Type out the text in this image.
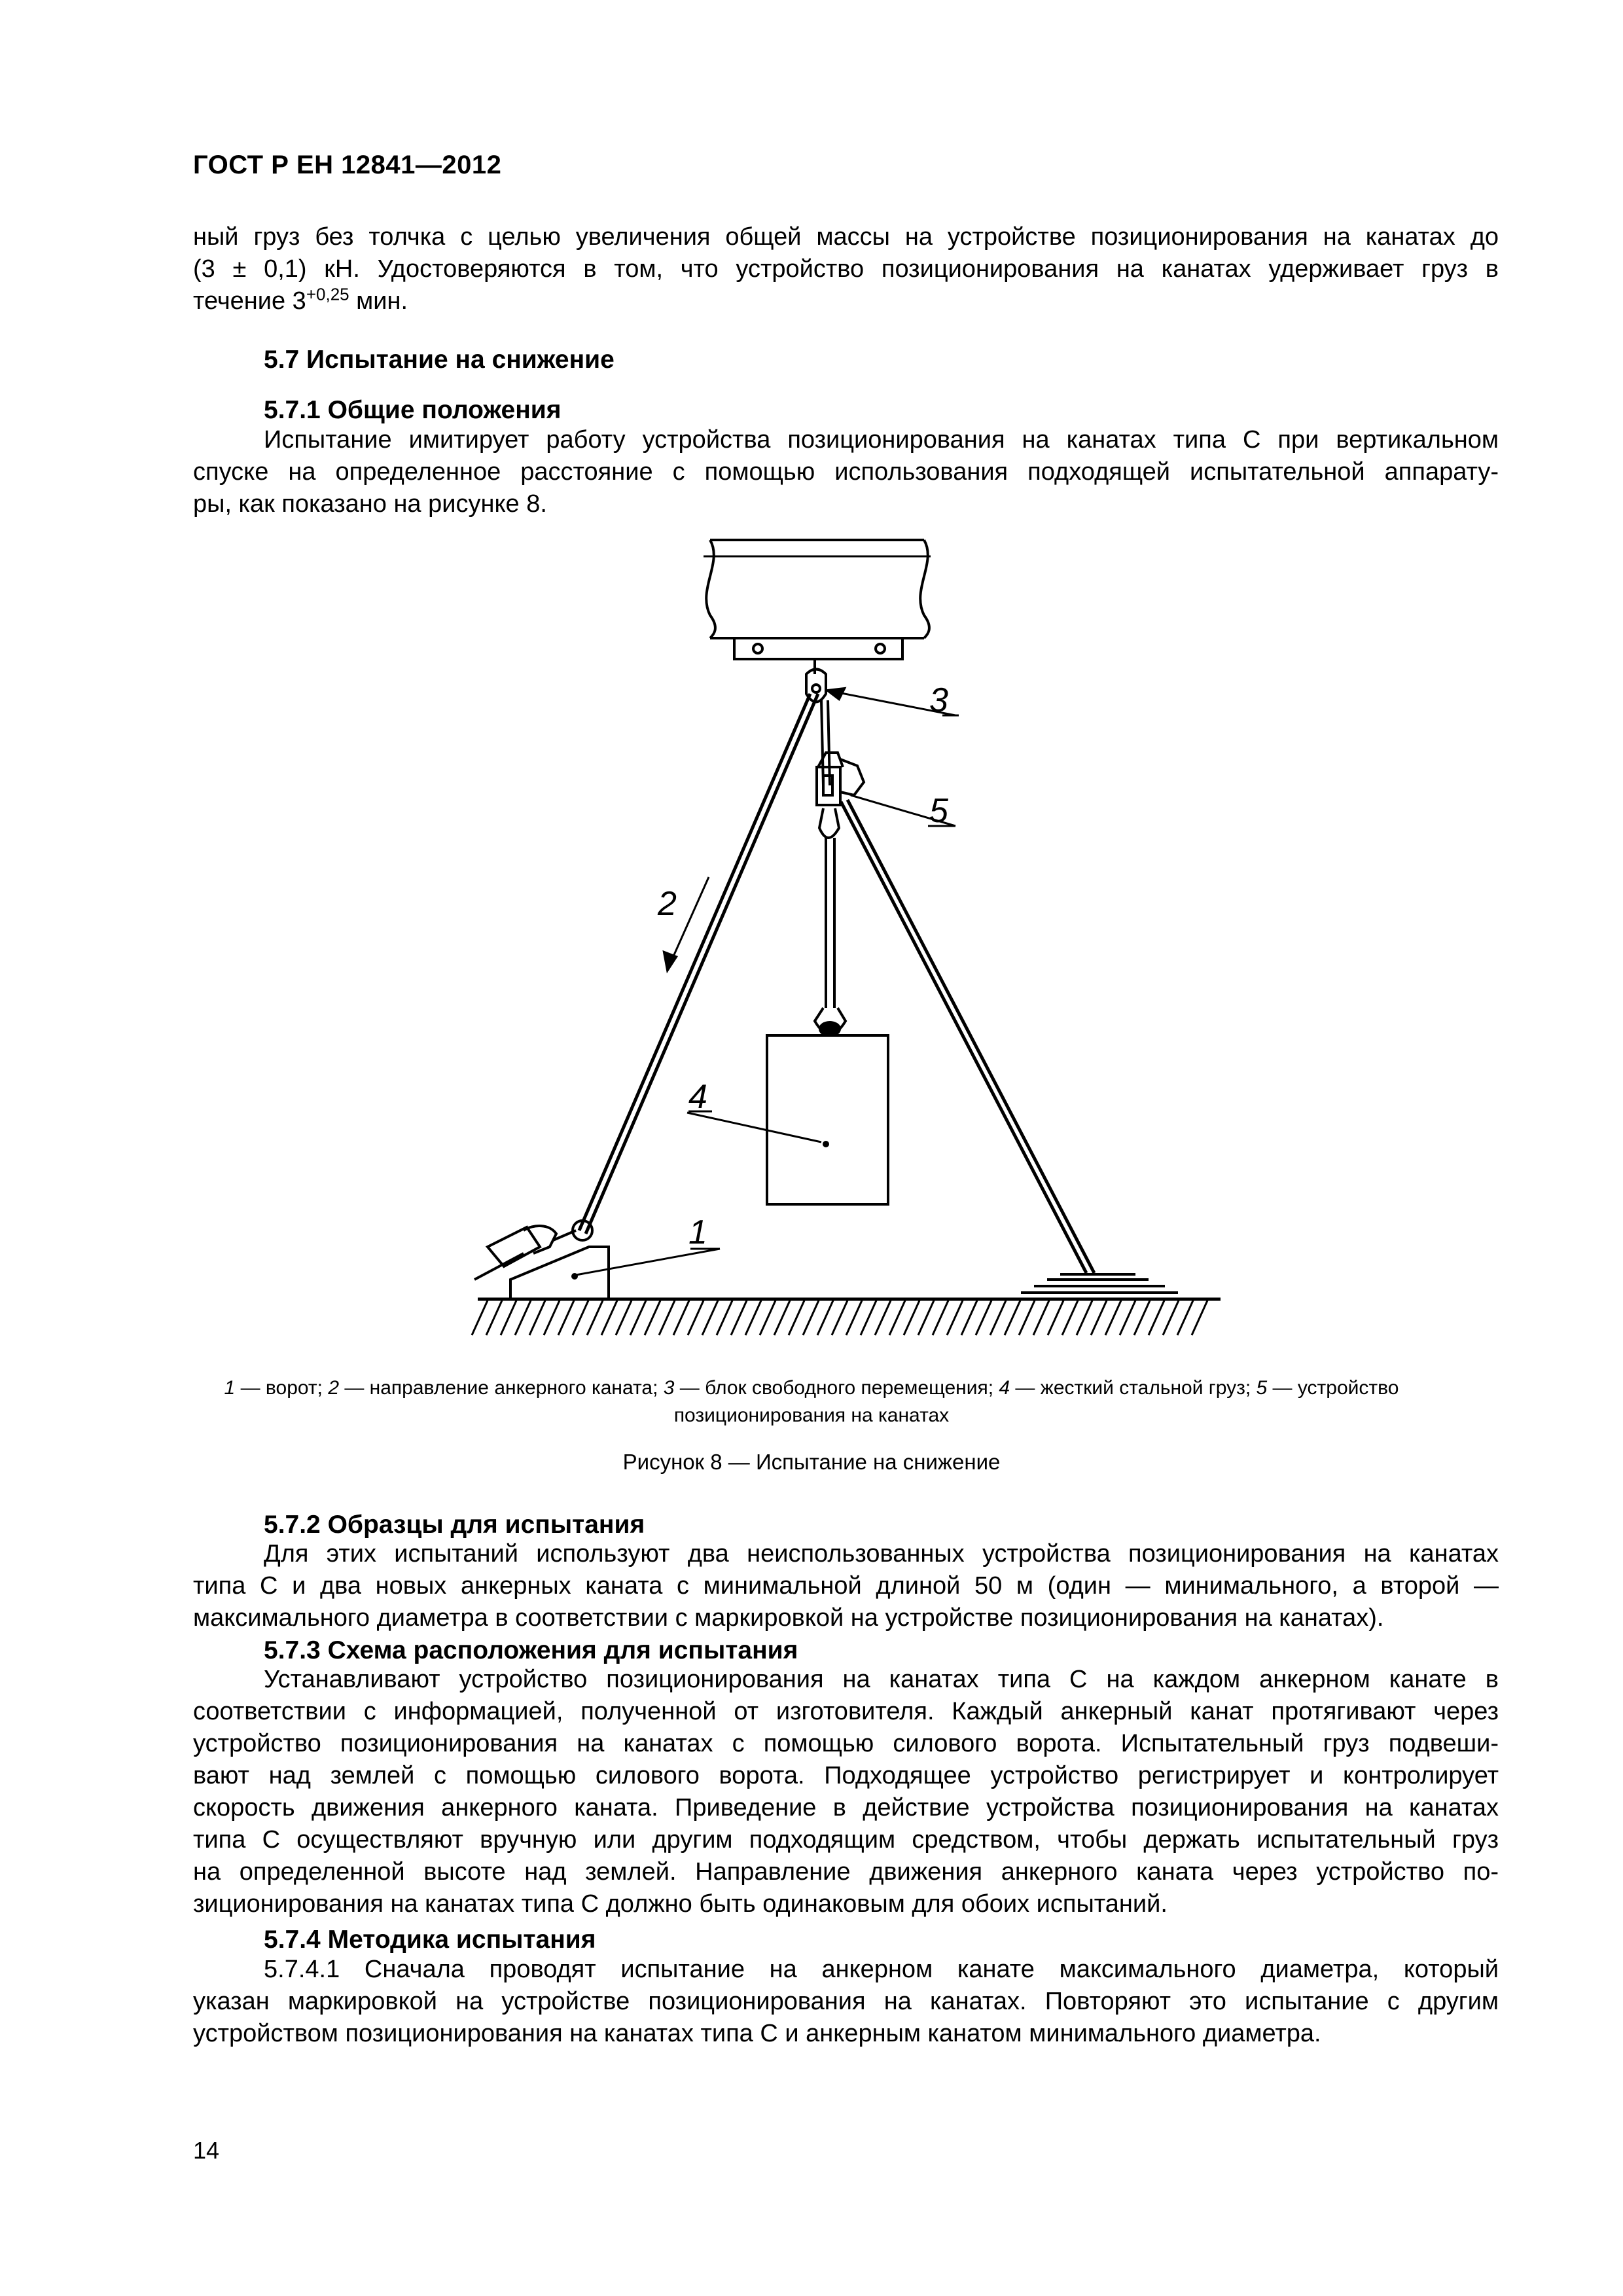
ГОСТ Р ЕН 12841—2012
ный груз без толчка с целью увеличения общей массы на устройстве позиционирования на канатах до
(3 ± 0,1) кН. Удостоверяются в том, что устройство позиционирования на канатах удерживает груз в
течение $3^{+0,25}$ мин.
5.7 Испытание на снижение
5.7.1 Общие положения
Испытание имитирует работу устройства позиционирования на канатах типа С при вертикальном
спуске на определенное расстояние с помощью использования подходящей испытательной аппарату-
ры, как показано на рисунке 8.
3
5
2
4
1
1 — ворот; 2 — направление анкерного каната; 3 — блок свободного перемещения; 4 — жесткий стальной груз; 5 — устройство
позиционирования на канатах
Рисунок 8 — Испытание на снижение
5.7.2 Образцы для испытания
Для этих испытаний используют два неиспользованных устройства позиционирования на канатах
типа С и два новых анкерных каната с минимальной длиной 50 м (один — минимального, а второй —
максимального диаметра в соответствии с маркировкой на устройстве позиционирования на канатах).
5.7.3 Схема расположения для испытания
Устанавливают устройство позиционирования на канатах типа С на каждом анкерном канате в
соответствии с информацией, полученной от изготовителя. Каждый анкерный канат протягивают через
устройство позиционирования на канатах с помощью силового ворота. Испытательный груз подвеши-
вают над землей с помощью силового ворота. Подходящее устройство регистрирует и контролирует
скорость движения анкерного каната. Приведение в действие устройства позиционирования на канатах
типа С осуществляют вручную или другим подходящим средством, чтобы держать испытательный груз
на определенной высоте над землей. Направление движения анкерного каната через устройство по-
зиционирования на канатах типа С должно быть одинаковым для обоих испытаний.
5.7.4 Методика испытания
5.7.4.1 Сначала проводят испытание на анкерном канате максимального диаметра, который
указан маркировкой на устройстве позиционирования на канатах. Повторяют это испытание с другим
устройством позиционирования на канатах типа С и анкерным канатом минимального диаметра.
14
